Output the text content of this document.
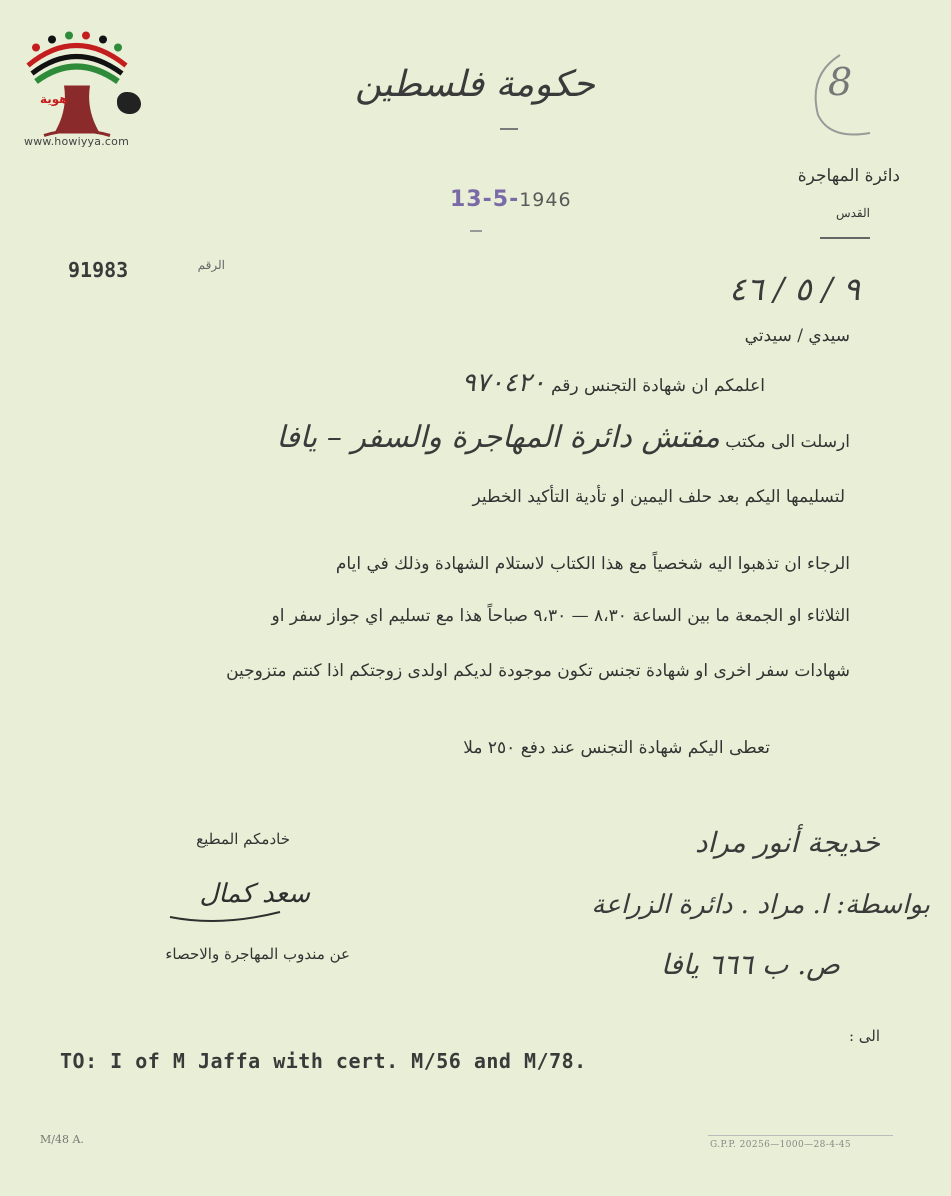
هوية
www.howiyya.com
حكومة فلسطين	8
دائرة المهاجرة
القدس
13-5-1946
91983	الرقم
٩ / ٥ / ٤٦
سيدي / سيدتي
اعلمكم ان شهادة التجنس رقم ٩٧٠٤٢٠
ارسلت الى مكتب مفتش دائرة المهاجرة والسفر – يافا
لتسليمها اليكم بعد حلف اليمين او تأدية التأكيد الخطير
الرجاء ان تذهبوا اليه شخصياً مع هذا الكتاب لاستلام الشهادة وذلك في ايام
الثلاثاء او الجمعة ما بين الساعة ٨،٣٠ — ٩،٣٠ صباحاً هذا مع تسليم اي جواز سفر او
شهادات سفر اخرى او شهادة تجنس تكون موجودة لديكم اولدى زوجتكم اذا كنتم متزوجين
تعطى اليكم شهادة التجنس عند دفع ٢٥٠ ملا
خادمكم المطيع
سعد كمال
عن مندوب المهاجرة والاحصاء
خديجة أنور مراد
بواسطة: ا. مراد . دائرة الزراعة
ص. ب ٦٦٦ يافا
الى :
TO: I of M Jaffa with cert. M/56 and M/78.
M/48 A.	G.P.P. 20256—1000—28-4-45
